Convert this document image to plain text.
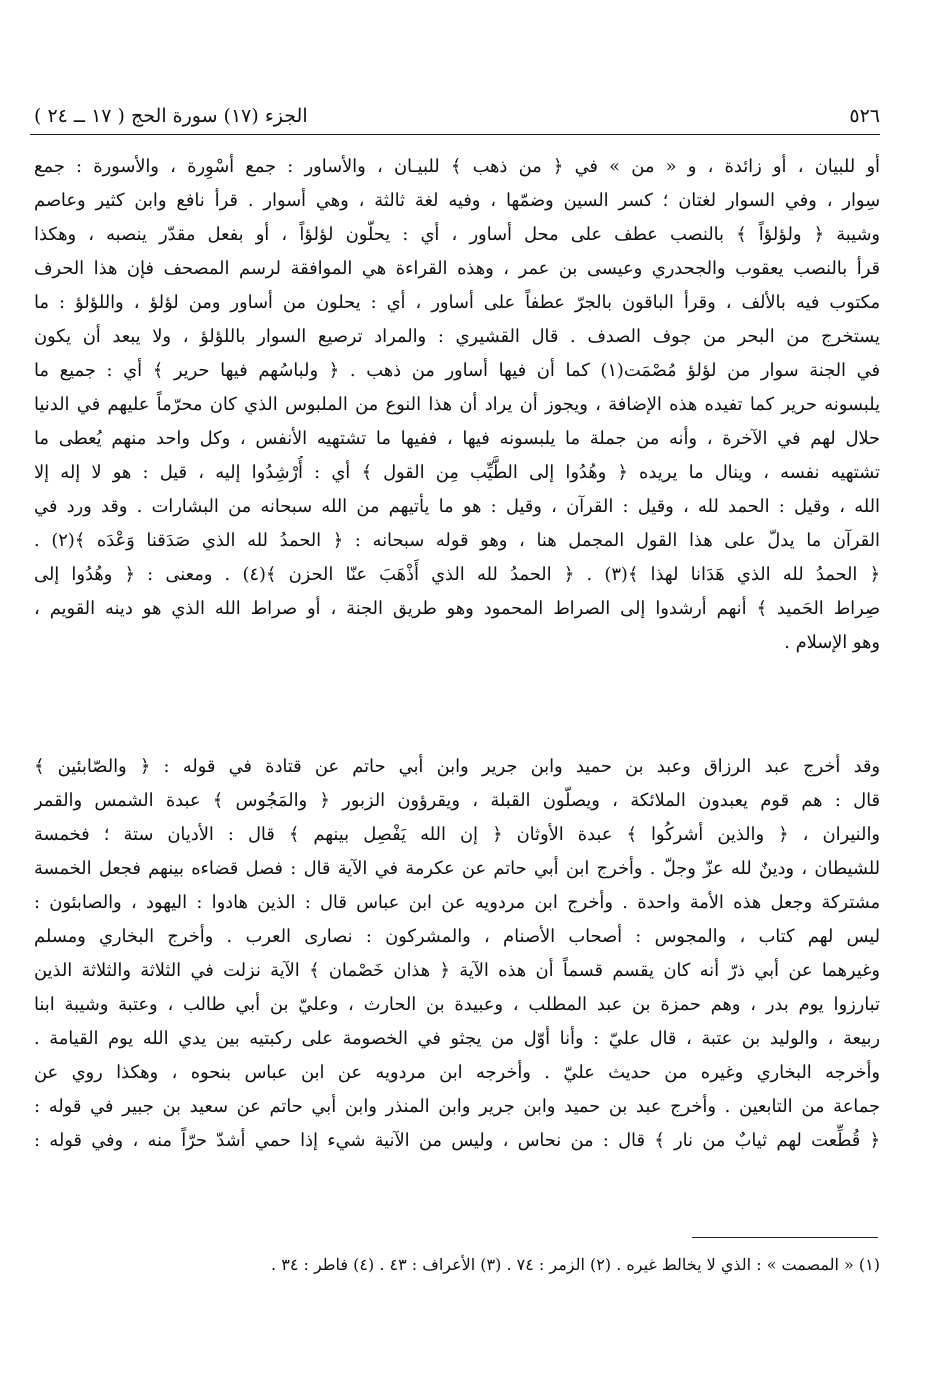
٥٢٦
الجزء (١٧) سورة الحج ( ١٧ ــ ٢٤ )
أو للبيان ، أو زائدة ، و « من » في ﴿ من ذهب ﴾ للبيـان ، والأساور : جمع أسْوِرة ، والأسورة : جمع
سِوار ، وفي السوار لغتان ؛ كسر السين وضمّها ، وفيه لغة ثالثة ، وهي أسوار . قرأ نافع وابن كثير وعاصم
وشيبة ﴿ ولؤلؤاً ﴾ بالنصب عطف على محل أساور ، أي : يحلّون لؤلؤاً ، أو بفعل مقدّر ينصبه ، وهكذا
قرأ بالنصب يعقوب والجحدري وعيسى بن عمر ، وهذه القراءة هي الموافقة لرسم المصحف فإن هذا الحرف
مكتوب فيه بالألف ، وقرأ الباقون بالجرّ عطفاً على أساور ، أي : يحلون من أساور ومن لؤلؤ ، واللؤلؤ : ما
يستخرج من البحر من جوف الصدف . قال القشيري : والمراد ترصيع السوار باللؤلؤ ، ولا يبعد أن يكون
في الجنة سوار من لؤلؤ مُصْمَت(١) كما أن فيها أساور من ذهب . ﴿ ولباسُهم فيها حرير ﴾ أي : جميع ما
يلبسونه حرير كما تفيده هذه الإضافة ، ويجوز أن يراد أن هذا النوع من الملبوس الذي كان محرّماً عليهم في الدنيا
حلال لهم في الآخرة ، وأنه من جملة ما يلبسونه فيها ، ففيها ما تشتهيه الأنفس ، وكل واحد منهم يُعطى ما
تشتهيه نفسه ، وينال ما يريده ﴿ وهُدُوا إلى الطَّيِّب مِن القول ﴾ أي : أُرْشِدُوا إليه ، قيل : هو لا إله إلا
الله ، وقيل : الحمد لله ، وقيل : القرآن ، وقيل : هو ما يأتيهم من الله سبحانه من البشارات . وقد ورد في
القرآن ما يدلّ على هذا القول المجمل هنا ، وهو قوله سبحانه : ﴿ الحمدُ لله الذي صَدَقنا وَعْدَه ﴾(٢) .
﴿ الحمدُ لله الذي هَدَانا لهذا ﴾(٣) . ﴿ الحمدُ لله الذي أَذْهَبَ عنّا الحزن ﴾(٤) . ومعنى : ﴿ وهُدُوا إلى
صِراط الحَميد ﴾ أنهم أرشدوا إلى الصراط المحمود وهو طريق الجنة ، أو صراط الله الذي هو دينه القويم ،
وهو الإسلام .
وقد أخرج عبد الرزاق وعبد بن حميد وابن جرير وابن أبي حاتم عن قتادة في قوله : ﴿ والصّابئين ﴾
قال : هم قوم يعبدون الملائكة ، ويصلّون القبلة ، ويقرؤون الزبور ﴿ والمَجُوس ﴾ عبدة الشمس والقمر
والنيران ، ﴿ والذين أشركُوا ﴾ عبدة الأوثان ﴿ إن الله يَفْصِل بينهم ﴾ قال : الأديان ستة ؛ فخمسة
للشيطان ، ودينٌ لله عزّ وجلّ . وأخرج ابن أبي حاتم عن عكرمة في الآية قال : فصل قضاءه بينهم فجعل الخمسة
مشتركة وجعل هذه الأمة واحدة . وأخرج ابن مردويه عن ابن عباس قال : الذين هادوا : اليهود ، والصابئون :
ليس لهم كتاب ، والمجوس : أصحاب الأصنام ، والمشركون : نصارى العرب . وأخرج البخاري ومسلم
وغيرهما عن أبي ذرّ أنه كان يقسم قسماً أن هذه الآية ﴿ هذان خَصْمان ﴾ الآية نزلت في الثلاثة والثلاثة الذين
تبارزوا يوم بدر ، وهم حمزة بن عبد المطلب ، وعبيدة بن الحارث ، وعليّ بن أبي طالب ، وعتبة وشيبة ابنا
ربيعة ، والوليد بن عتبة ، قال عليّ : وأنا أوّل من يجثو في الخصومة على ركبتيه بين يدي الله يوم القيامة .
وأخرجه البخاري وغيره من حديث عليّ . وأخرجه ابن مردويه عن ابن عباس بنحوه ، وهكذا روي عن
جماعة من التابعين . وأخرج عبد بن حميد وابن جرير وابن المنذر وابن أبي حاتم عن سعيد بن جبير في قوله :
﴿ قُطِّعت لهم ثيابٌ من نار ﴾ قال : من نحاس ، وليس من الآنية شيء إذا حمي أشدّ حرّاً منه ، وفي قوله :
(١) « المصمت » : الذي لا يخالط غيره . (٢) الزمر : ٧٤ . (٣) الأعراف : ٤٣ . (٤) فاطر : ٣٤ .
